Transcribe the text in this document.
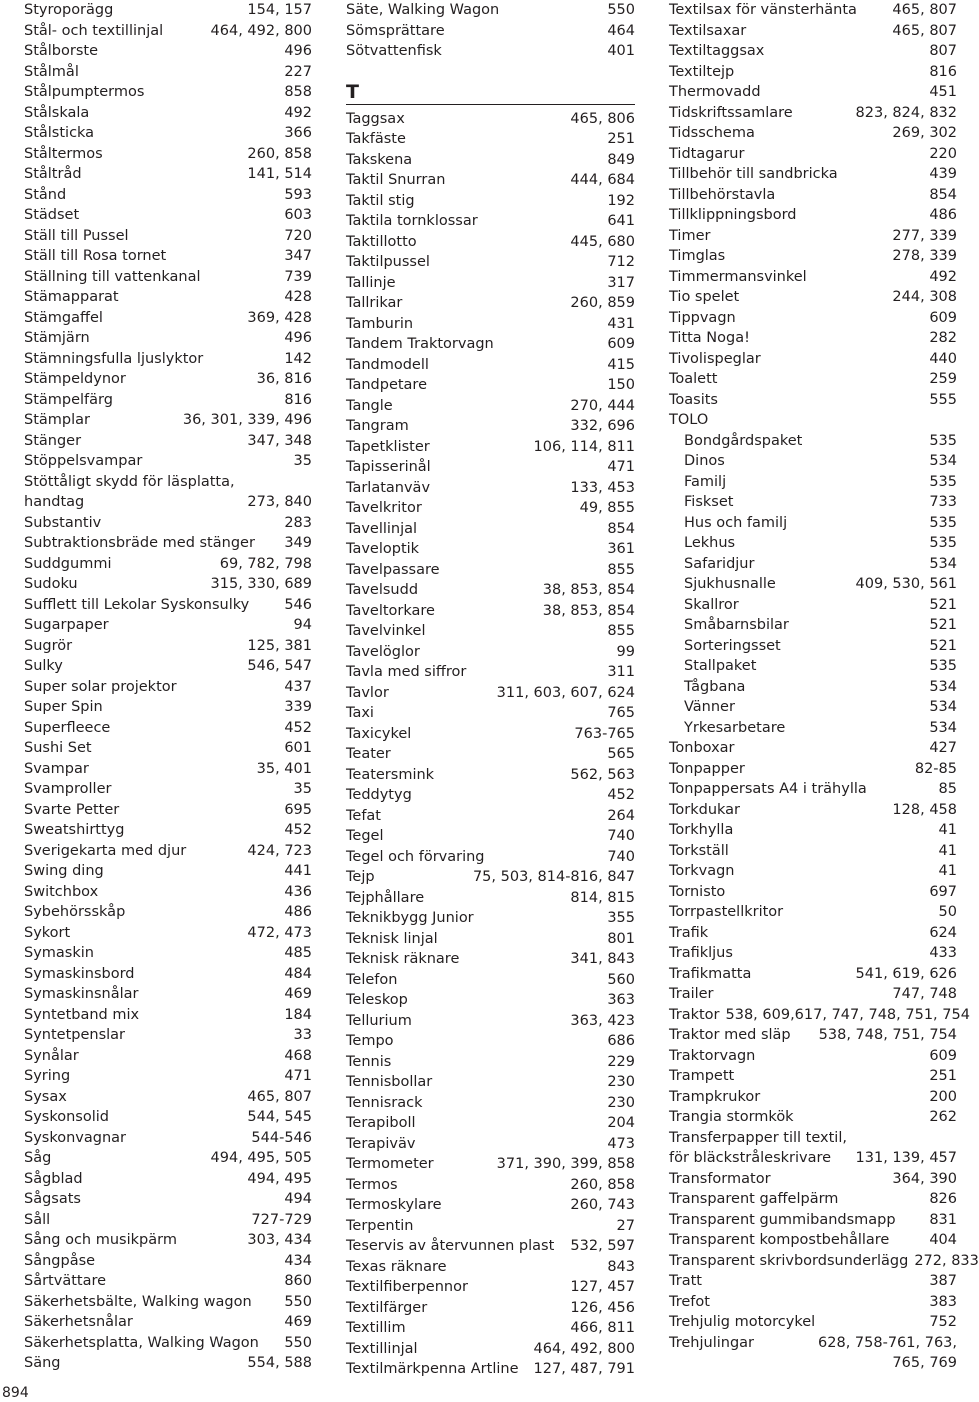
Styroporägg	154, 157
Stål- och textillinjal	464, 492, 800
Stålborste	496
Stålmål	227
Stålpumptermos	858
Stålskala	492
Stålsticka	366
Ståltermos	260, 858
Ståltråd	141, 514
Stånd	593
Städset	603
Ställ till Pussel	720
Ställ till Rosa tornet	347
Ställning till vattenkanal	739
Stämapparat	428
Stämgaffel	369, 428
Stämjärn	496
Stämningsfulla ljuslyktor	142
Stämpeldynor	36, 816
Stämpelfärg	816
Stämplar	36, 301, 339, 496
Stänger	347, 348
Stöppelsvampar	35
Stöttåligt skydd för läsplatta,
handtag	273, 840
Substantiv	283
Subtraktionsbräde med stänger	349
Suddgummi	69, 782, 798
Sudoku	315, 330, 689
Sufflett till Lekolar Syskonsulky	546
Sugarpaper	94
Sugrör	125, 381
Sulky	546, 547
Super solar projektor	437
Super Spin	339
Superfleece	452
Sushi Set	601
Svampar	35, 401
Svamproller	35
Svarte Petter	695
Sweatshirttyg	452
Sverigekarta med djur	424, 723
Swing ding	441
Switchbox	436
Sybehörsskåp	486
Sykort	472, 473
Symaskin	485
Symaskinsbord	484
Symaskinsnålar	469
Syntetband mix	184
Syntetpenslar	33
Synålar	468
Syring	471
Sysax	465, 807
Syskonsolid	544, 545
Syskonvagnar	544-546
Såg	494, 495, 505
Sågblad	494, 495
Sågsats	494
Såll	727-729
Sång och musikpärm	303, 434
Sångpåse	434
Sårtvättare	860
Säkerhetsbälte, Walking wagon	550
Säkerhetsnålar	469
Säkerhetsplatta, Walking Wagon	550
Säng	554, 588
Säte, Walking Wagon	550
Sömsprättare	464
Sötvattenfisk	401
T
Taggsax	465, 806
Takfäste	251
Takskena	849
Taktil Snurran	444, 684
Taktil stig	192
Taktila tornklossar	641
Taktillotto	445, 680
Taktilpussel	712
Tallinje	317
Tallrikar	260, 859
Tamburin	431
Tandem Traktorvagn	609
Tandmodell	415
Tandpetare	150
Tangle	270, 444
Tangram	332, 696
Tapetklister	106, 114, 811
Tapisserinål	471
Tarlatanväv	133, 453
Tavelkritor	49, 855
Tavellinjal	854
Taveloptik	361
Tavelpassare	855
Tavelsudd	38, 853, 854
Taveltorkare	38, 853, 854
Tavelvinkel	855
Tavelöglor	99
Tavla med siffror	311
Tavlor	311, 603, 607, 624
Taxi	765
Taxicykel	763-765
Teater	565
Teatersmink	562, 563
Teddytyg	452
Tefat	264
Tegel	740
Tegel och förvaring	740
Tejp	75, 503, 814-816, 847
Tejphållare	814, 815
Teknikbygg Junior	355
Teknisk linjal	801
Teknisk räknare	341, 843
Telefon	560
Teleskop	363
Tellurium	363, 423
Tempo	686
Tennis	229
Tennisbollar	230
Tennisrack	230
Terapiboll	204
Terapiväv	473
Termometer	371, 390, 399, 858
Termos	260, 858
Termoskylare	260, 743
Terpentin	27
Teservis av återvunnen plast	532, 597
Texas räknare	843
Textilfiberpennor	127, 457
Textilfärger	126, 456
Textillim	466, 811
Textillinjal	464, 492, 800
Textilmärkpenna Artline	127, 487, 791
Textilsax för vänsterhänta	465, 807
Textilsaxar	465, 807
Textiltaggsax	807
Textiltejp	816
Thermovadd	451
Tidskriftssamlare	823, 824, 832
Tidsschema	269, 302
Tidtagarur	220
Tillbehör till sandbricka	439
Tillbehörstavla	854
Tillklippningsbord	486
Timer	277, 339
Timglas	278, 339
Timmermansvinkel	492
Tio spelet	244, 308
Tippvagn	609
Titta Noga!	282
Tivolispeglar	440
Toalett	259
Toasits	555
TOLO
Bondgårdspaket	535
Dinos	534
Familj	535
Fiskset	733
Hus och familj	535
Lekhus	535
Safaridjur	534
Sjukhusnalle	409, 530, 561
Skallror	521
Småbarnsbilar	521
Sorteringsset	521
Stallpaket	535
Tågbana	534
Vänner	534
Yrkesarbetare	534
Tonboxar	427
Tonpapper	82-85
Tonpappersats A4 i trähylla	85
Torkdukar	128, 458
Torkhylla	41
Torkställ	41
Torkvagn	41
Tornisto	697
Torrpastellkritor	50
Trafik	624
Trafikljus	433
Trafikmatta	541, 619, 626
Trailer	747, 748
Traktor 538, 609,617, 747, 748, 751, 754
Traktor med släp	538, 748, 751, 754
Traktorvagn	609
Trampett	251
Trampkrukor	200
Trangia stormkök	262
Transferpapper till textil,
för bläckstråleskrivare	131, 139, 457
Transformator	364, 390
Transparent gaffelpärm	826
Transparent gummibandsmapp	831
Transparent kompostbehållare	404
Transparent skrivbordsunderlägg 272, 833
Tratt	387
Trefot	383
Trehjulig motorcykel	752
Trehjulingar	628, 758-761, 763,
765, 769
894
